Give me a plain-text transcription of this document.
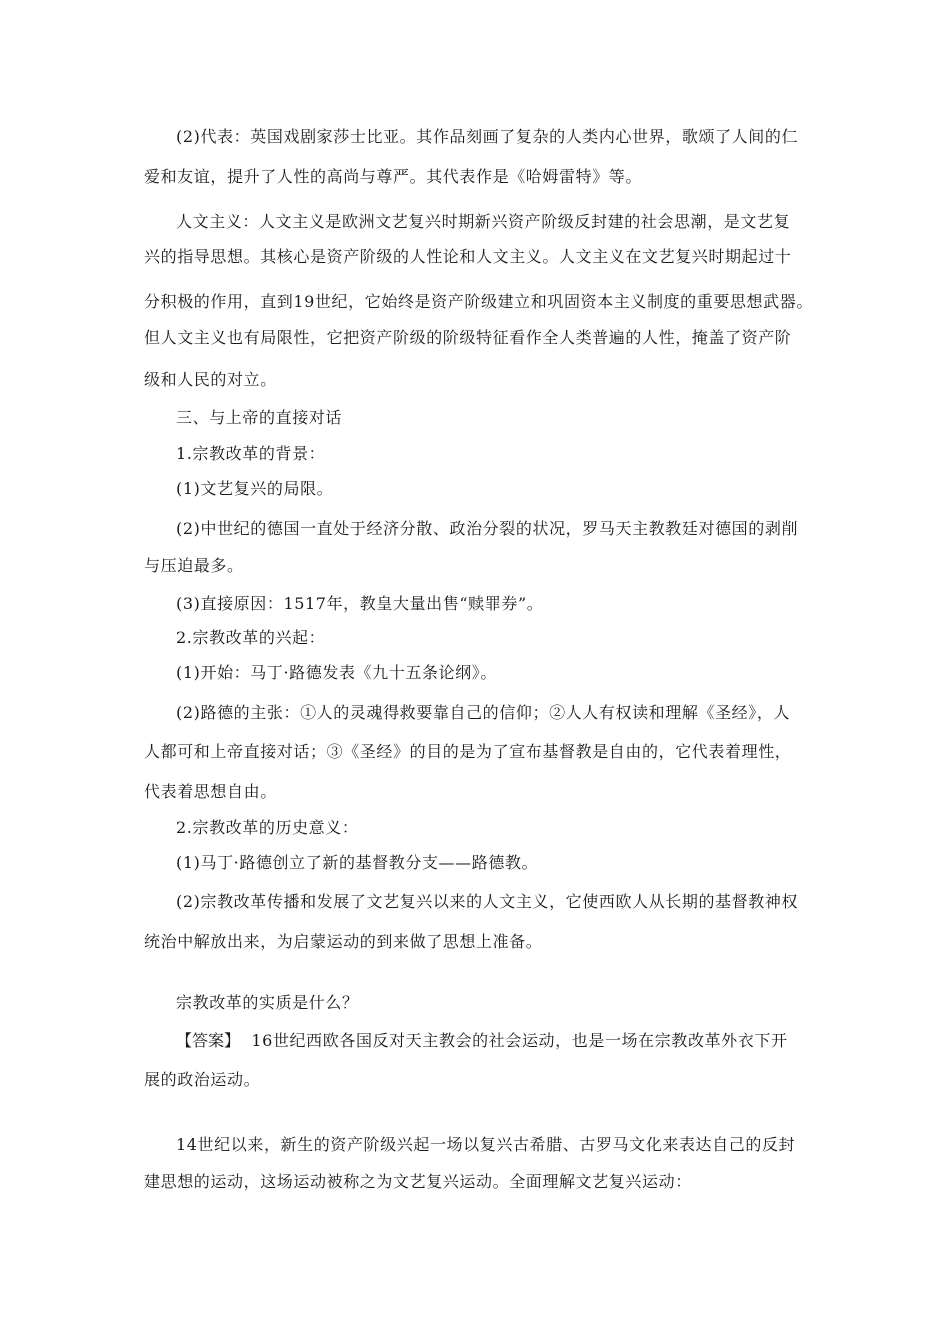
(2)代表：英国戏剧家莎士比亚。其作品刻画了复杂的人类内心世界，歌颂了人间的仁
爱和友谊，提升了人性的高尚与尊严。其代表作是《哈姆雷特》等。
人文主义：人文主义是欧洲文艺复兴时期新兴资产阶级反封建的社会思潮，是文艺复
兴的指导思想。其核心是资产阶级的人性论和人文主义。人文主义在文艺复兴时期起过十
分积极的作用，直到19世纪，它始终是资产阶级建立和巩固资本主义制度的重要思想武器。
但人文主义也有局限性，它把资产阶级的阶级特征看作全人类普遍的人性，掩盖了资产阶
级和人民的对立。
三、与上帝的直接对话
1.宗教改革的背景：
(1)文艺复兴的局限。
(2)中世纪的德国一直处于经济分散、政治分裂的状况，罗马天主教教廷对德国的剥削
与压迫最多。
(3)直接原因：1517年，教皇大量出售“赎罪券”。
2.宗教改革的兴起：
(1)开始：马丁·路德发表《九十五条论纲》。
(2)路德的主张：①人的灵魂得救要靠自己的信仰；②人人有权读和理解《圣经》，人
人都可和上帝直接对话；③《圣经》的目的是为了宣布基督教是自由的，它代表着理性，
代表着思想自由。
2.宗教改革的历史意义：
(1)马丁·路德创立了新的基督教分支——路德教。
(2)宗教改革传播和发展了文艺复兴以来的人文主义，它使西欧人从长期的基督教神权
统治中解放出来，为启蒙运动的到来做了思想上准备。
宗教改革的实质是什么？
【答案】 16世纪西欧各国反对天主教会的社会运动，也是一场在宗教改革外衣下开
展的政治运动。
14世纪以来，新生的资产阶级兴起一场以复兴古希腊、古罗马文化来表达自己的反封
建思想的运动，这场运动被称之为文艺复兴运动。全面理解文艺复兴运动：
